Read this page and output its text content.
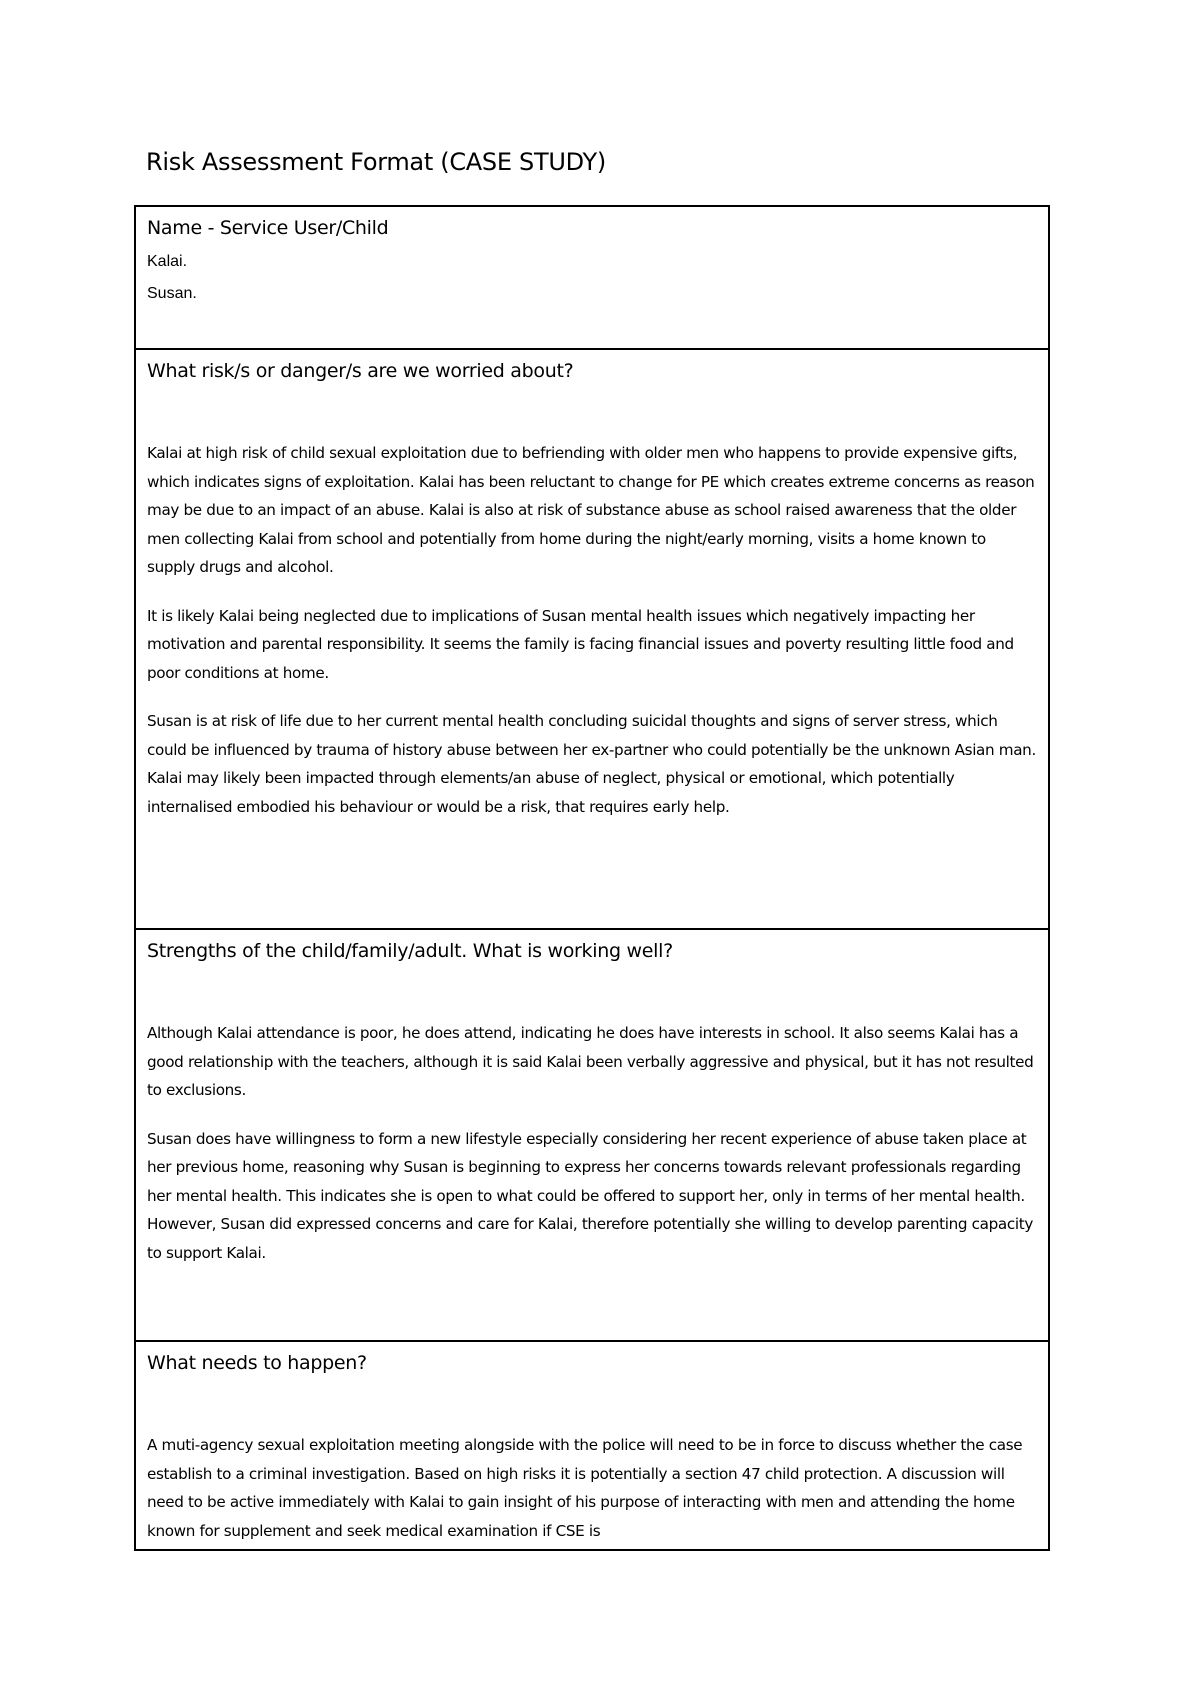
Risk Assessment Format (CASE STUDY)
Name - Service User/Child

Kalai.

Susan.

What risk/s or danger/s are we worried about?

Kalai at high risk of child sexual exploitation due to befriending with older men who happens to provide expensive gifts, which indicates signs of exploitation. Kalai has been reluctant to change for PE which creates extreme concerns as reason may be due to an impact of an abuse. Kalai is also at risk of substance abuse as school raised awareness that the older men collecting Kalai from school and potentially from home during the night/early morning, visits a home known to supply drugs and alcohol.

It is likely Kalai being neglected due to implications of Susan mental health issues which negatively impacting her motivation and parental responsibility. It seems the family is facing financial issues and poverty resulting little food and poor conditions at home.

Susan is at risk of life due to her current mental health concluding suicidal thoughts and signs of server stress, which could be influenced by trauma of history abuse between her ex-partner who could potentially be the unknown Asian man. Kalai may likely been impacted through elements/an abuse of neglect, physical or emotional, which potentially internalised embodied his behaviour or would be a risk, that requires early help.

Strengths of the child/family/adult. What is working well?

Although Kalai attendance is poor, he does attend, indicating he does have interests in school. It also seems Kalai has a good relationship with the teachers, although it is said Kalai been verbally aggressive and physical, but it has not resulted to exclusions.

Susan does have willingness to form a new lifestyle especially considering her recent experience of abuse taken place at her previous home, reasoning why Susan is beginning to express her concerns towards relevant professionals regarding her mental health. This indicates she is open to what could be offered to support her, only in terms of her mental health. However, Susan did expressed concerns and care for Kalai, therefore potentially she willing to develop parenting capacity to support Kalai.

What needs to happen?

A muti-agency sexual exploitation meeting alongside with the police will need to be in force to discuss whether the case establish to a criminal investigation. Based on high risks it is potentially a section 47 child protection. A discussion will need to be active immediately with Kalai to gain insight of his purpose of interacting with men and attending the home known for supplement and seek medical examination if CSE is
